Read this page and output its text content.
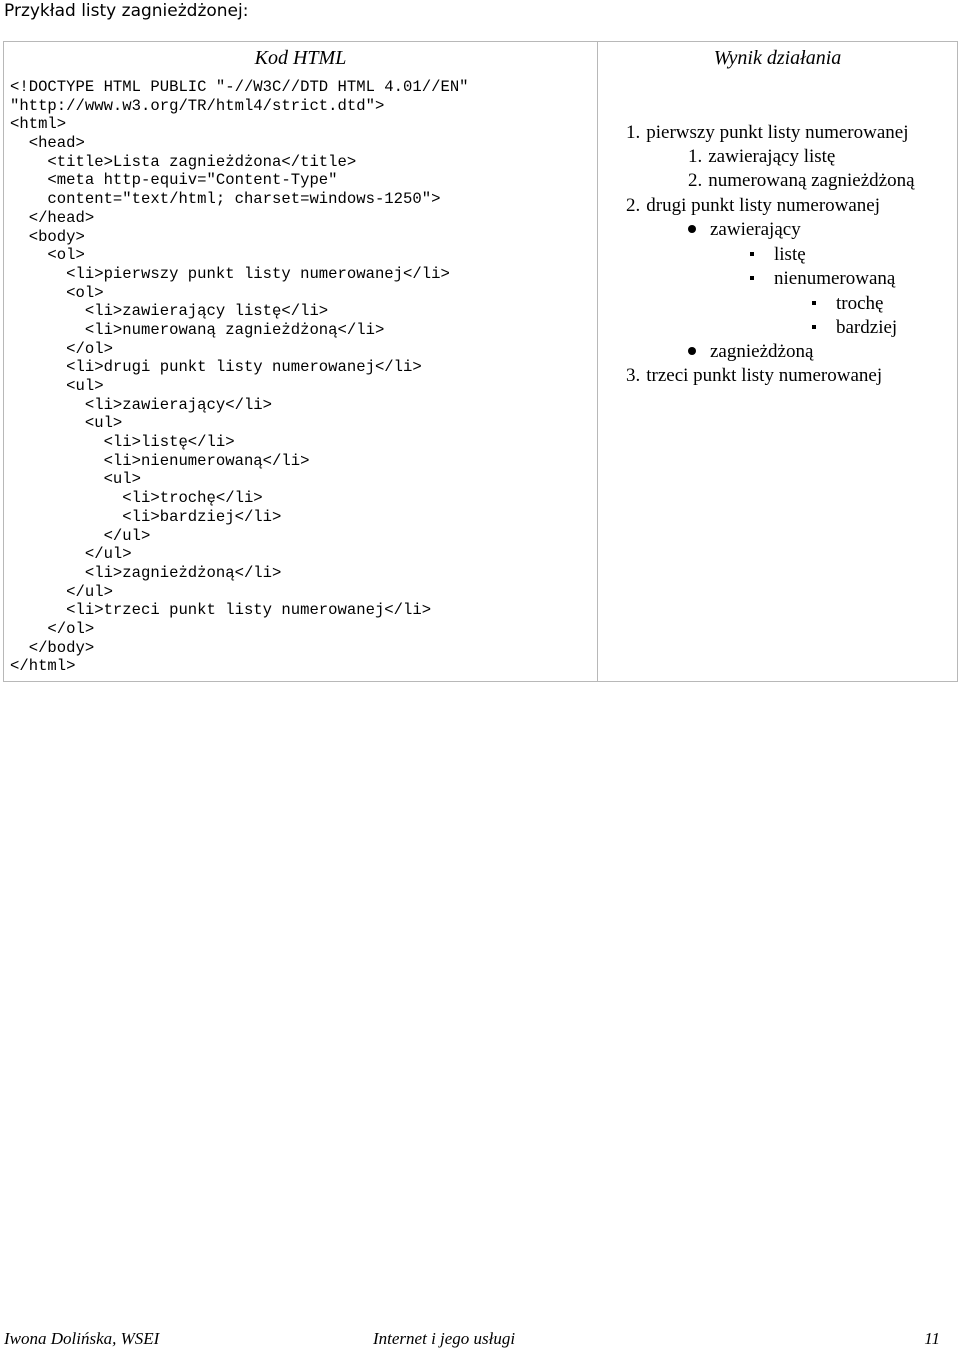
Przykład listy zagnieżdżonej:
Kod HTML
<!DOCTYPE HTML PUBLIC "-//W3C//DTD HTML 4.01//EN"
"http://www.w3.org/TR/html4/strict.dtd">
<html>
<head>
<title>Lista zagnieżdżona</title>
<meta http-equiv="Content-Type"
content="text/html; charset=windows-1250">
</head>
<body>
<ol>
<li>pierwszy punkt listy numerowanej</li>
<ol>
<li>zawierający listę</li>
<li>numerowaną zagnieżdżoną</li>
</ol>
<li>drugi punkt listy numerowanej</li>
<ul>
<li>zawierający</li>
<ul>
<li>listę</li>
<li>nienumerowaną</li>
<ul>
<li>trochę</li>
<li>bardziej</li>
</ul>
</ul>
<li>zagnieżdżoną</li>
</ul>
<li>trzeci punkt listy numerowanej</li>
</ol>
</body>
</html>
Wynik działania
1. pierwszy punkt listy numerowanej
1. zawierający listę
2. numerowaną zagnieżdżoną
2. drugi punkt listy numerowanej
zawierający
listę
nienumerowaną
trochę
bardziej
zagnieżdżoną
3. trzeci punkt listy numerowanej
Iwona Dolińska, WSEI	Internet i jego usługi	11
